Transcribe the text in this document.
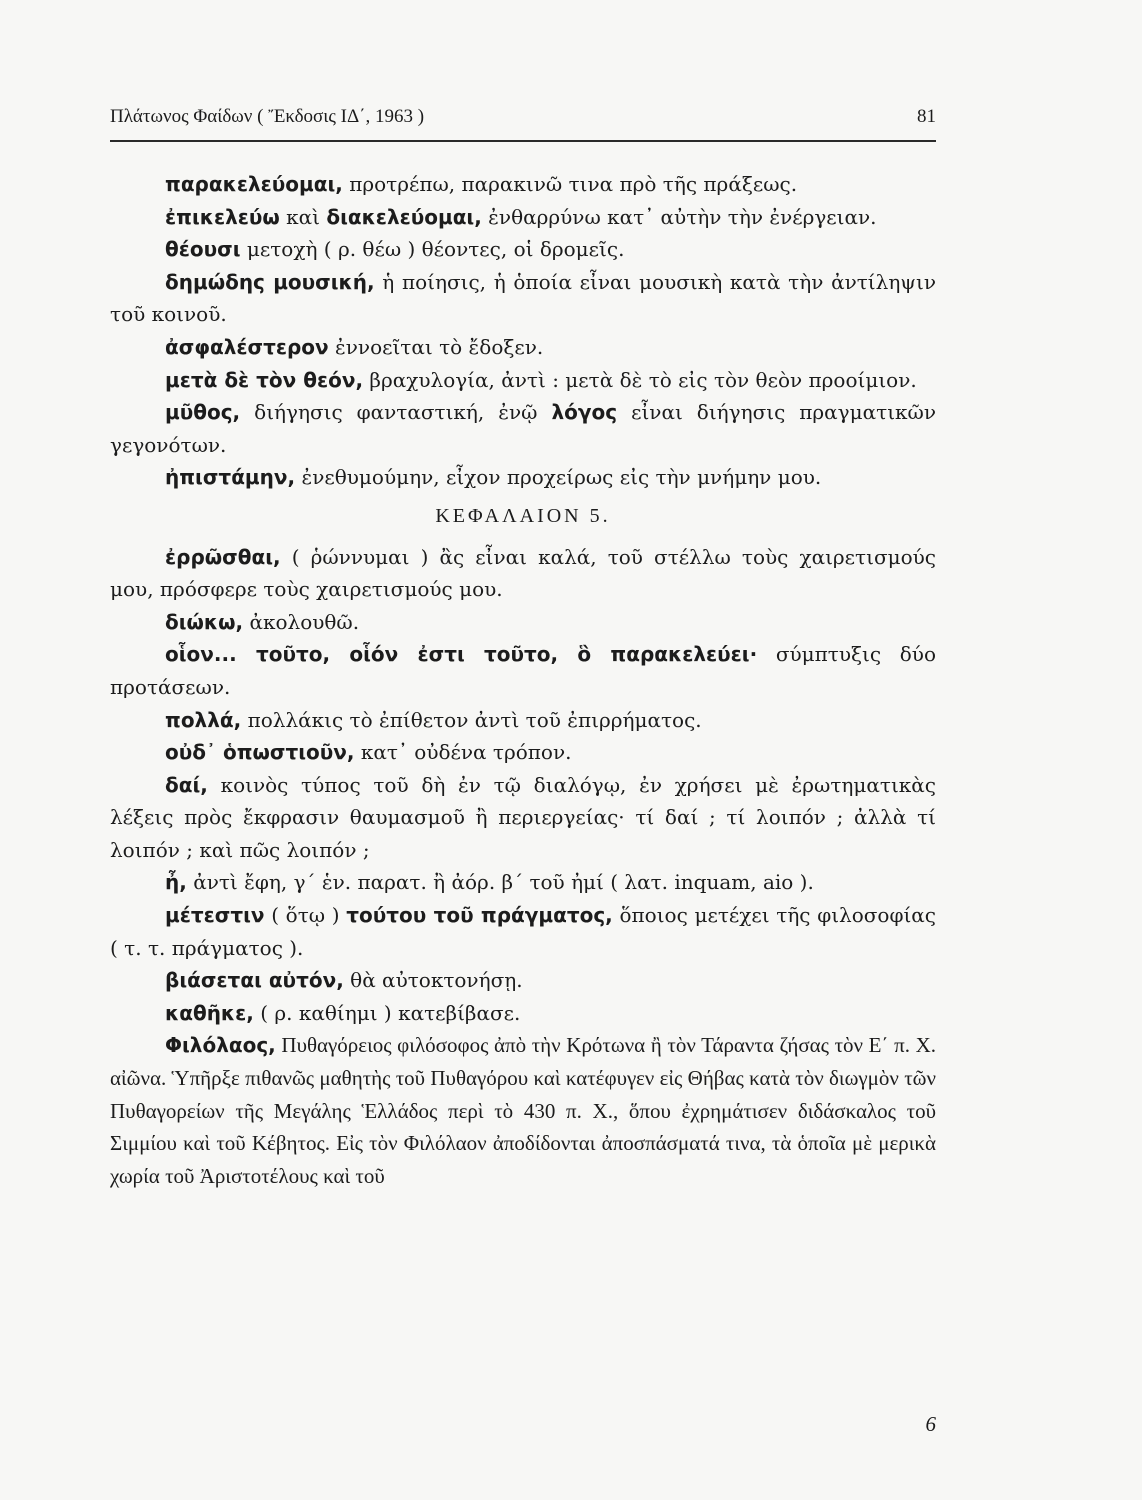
Πλάτωνος Φαίδων ( Ἔκδοσις ΙΔ΄, 1963 )	81

παρακελεύομαι, προτρέπω, παρακινῶ τινα πρὸ τῆς πράξεως.

ἐπικελεύω καὶ διακελεύομαι, ἐνθαρρύνω κατ᾽ αὐτὴν τὴν ἐνέργειαν.

θέουσι μετοχὴ ( ρ. θέω ) θέοντες, οἱ δρομεῖς.

δημώδης μουσική, ἡ ποίησις, ἡ ὁποία εἶναι μουσικὴ κατὰ τὴν ἀντίληψιν τοῦ κοινοῦ.

ἀσφαλέστερον ἐννοεῖται τὸ ἔδοξεν.

μετὰ δὲ τὸν θεόν, βραχυλογία, ἀντὶ : μετὰ δὲ τὸ εἰς τὸν θεὸν προοίμιον.

μῦθος, διήγησις φανταστική, ἐνῷ λόγος εἶναι διήγησις πραγματικῶν γεγονότων.

ἠπιστάμην, ἐνεθυμούμην, εἶχον προχείρως εἰς τὴν μνήμην μου.

ΚΕΦΑΛΑΙΟΝ 5.

ἐρρῶσθαι, ( ῥώννυμαι ) ἂς εἶναι καλά, τοῦ στέλλω τοὺς χαιρετισμούς μου, πρόσφερε τοὺς χαιρετισμούς μου.

διώκω, ἀκολουθῶ.

οἷον... τοῦτο, οἷόν ἐστι τοῦτο, ὃ παρακελεύει· σύμπτυξις δύο προτάσεων.

πολλά, πολλάκις τὸ ἐπίθετον ἀντὶ τοῦ ἐπιρρήματος.

οὐδ᾽ ὁπωστιοῦν, κατ᾽ οὐδένα τρόπον.

δαί, κοινὸς τύπος τοῦ δὴ ἐν τῷ διαλόγῳ, ἐν χρήσει μὲ ἐρωτηματικὰς λέξεις πρὸς ἔκφρασιν θαυμασμοῦ ἢ περιεργείας· τί δαί ; τί λοιπόν ; ἀλλὰ τί λοιπόν ; καὶ πῶς λοιπόν ;

ἦ, ἀντὶ ἔφη, γ΄ ἑν. παρατ. ἢ ἀόρ. β΄ τοῦ ἠμί ( λατ. inquam, aio ).

μέτεστιν ( ὅτῳ ) τούτου τοῦ πράγματος, ὅποιος μετέχει τῆς φιλοσοφίας ( τ. τ. πράγματος ).

βιάσεται αὐτόν, θὰ αὐτοκτονήσῃ.

καθῆκε, ( ρ. καθίημι ) κατεβίβασε.

Φιλόλαος, Πυθαγόρειος φιλόσοφος ἀπὸ τὴν Κρότωνα ἢ τὸν Τάραντα ζήσας τὸν Ε΄ π. Χ. αἰῶνα. Ὑπῆρξε πιθανῶς μαθητὴς τοῦ Πυθαγόρου καὶ κατέφυγεν εἰς Θήβας κατὰ τὸν διωγμὸν τῶν Πυθαγορείων τῆς Μεγάλης Ἑλλάδος περὶ τὸ 430 π. Χ., ὅπου ἐχρημάτισεν διδάσκαλος τοῦ Σιμμίου καὶ τοῦ Κέβητος. Εἰς τὸν Φιλόλαον ἀποδίδονται ἀποσπάσματά τινα, τὰ ὁποῖα μὲ μερικὰ χωρία τοῦ Ἀριστοτέλους καὶ τοῦ

6
